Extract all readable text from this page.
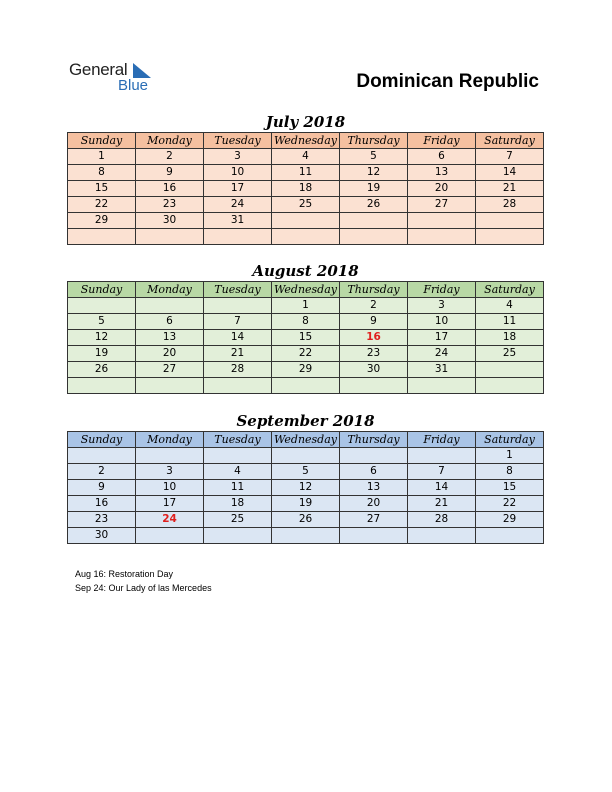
General
Blue	Dominican Republic
July 2018
Sunday	Monday	Tuesday	Wednesday	Thursday	Friday	Saturday
1	2	3	4	5	6	7
8	9	10	11	12	13	14
15	16	17	18	19	20	21
22	23	24	25	26	27	28
29	30	31				

August 2018
Sunday	Monday	Tuesday	Wednesday	Thursday	Friday	Saturday
			1	2	3	4
5	6	7	8	9	10	11
12	13	14	15	16	17	18
19	20	21	22	23	24	25
26	27	28	29	30	31	

September 2018
Sunday	Monday	Tuesday	Wednesday	Thursday	Friday	Saturday
						1
2	3	4	5	6	7	8
9	10	11	12	13	14	15
16	17	18	19	20	21	22
23	24	25	26	27	28	29
30						
Aug 16: Restoration Day
Sep 24: Our Lady of las Mercedes
